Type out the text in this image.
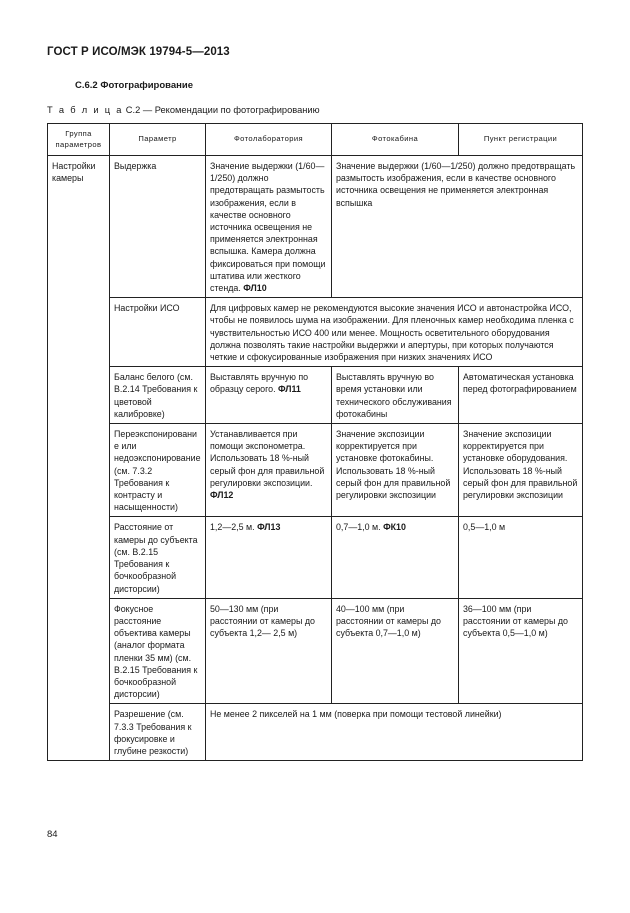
ГОСТ Р ИСО/МЭК 19794-5—2013
С.6.2 Фотографирование
Т а б л и ц а С.2 — Рекомендации по фотографированию
Группа параметров	Параметр	Фотолаборатория	Фотокабина	Пункт регистрации
Настройки камеры	Выдержка	Значение выдержки (1/60—1/250) должно предотвращать размытость изображения, если в качестве основного источника освещения не применяется электронная вспышка. Камера должна фиксироваться при помощи штатива или жесткого стенда. ФЛ10	Значение выдержки (1/60—1/250) должно предотвращать размытость изображения, если в качестве основного источника освещения не применяется электронная вспышка	
	Настройки ИСО	Для цифровых камер не рекомендуются высокие значения ИСО и автонастройка ИСО, чтобы не появилось шума на изображении. Для пленочных камер необходима пленка с чувствительностью ИСО 400 или менее. Мощность осветительного оборудования должна позволять такие настройки выдержки и апертуры, при которых получаются четкие и сфокусированные изображения при низких значениях ИСО		
	Баланс белого (см. В.2.14 Требования к цветовой калибровке)	Выставлять вручную по образцу серого. ФЛ11	Выставлять вручную во время установки или технического обслуживания фотокабины	Автоматическая установка перед фотографированием
	Переэкспонирование или недоэкспонирование (см. 7.3.2 Требования к контрасту и насыщенности)	Устанавливается при помощи экспонометра. Использовать 18 %-ный серый фон для правильной регулировки экспозиции. ФЛ12	Значение экспозиции корректируется при установке фотокабины. Использовать 18 %-ный серый фон для правильной регулировки экспозиции	Значение экспозиции корректируется при установке оборудования. Использовать 18 %-ный серый фон для правильной регулировки экспозиции
	Расстояние от камеры до субъекта (см. В.2.15 Требования к бочкообразной дисторсии)	1,2—2,5 м. ФЛ13	0,7—1,0 м. ФК10	0,5—1,0 м
	Фокусное расстояние объектива камеры (аналог формата пленки 35 мм) (см. В.2.15 Требования к бочкообразной дисторсии)	50—130 мм (при расстоянии от камеры до субъекта 1,2— 2,5 м)	40—100 мм (при расстоянии от камеры до субъекта 0,7—1,0 м)	36—100 мм (при расстоянии от камеры до субъекта 0,5—1,0 м)
	Разрешение (см. 7.3.3 Требования к фокусировке и глубине резкости)	Не менее 2 пикселей на 1 мм (поверка при помощи тестовой линейки)		
84
